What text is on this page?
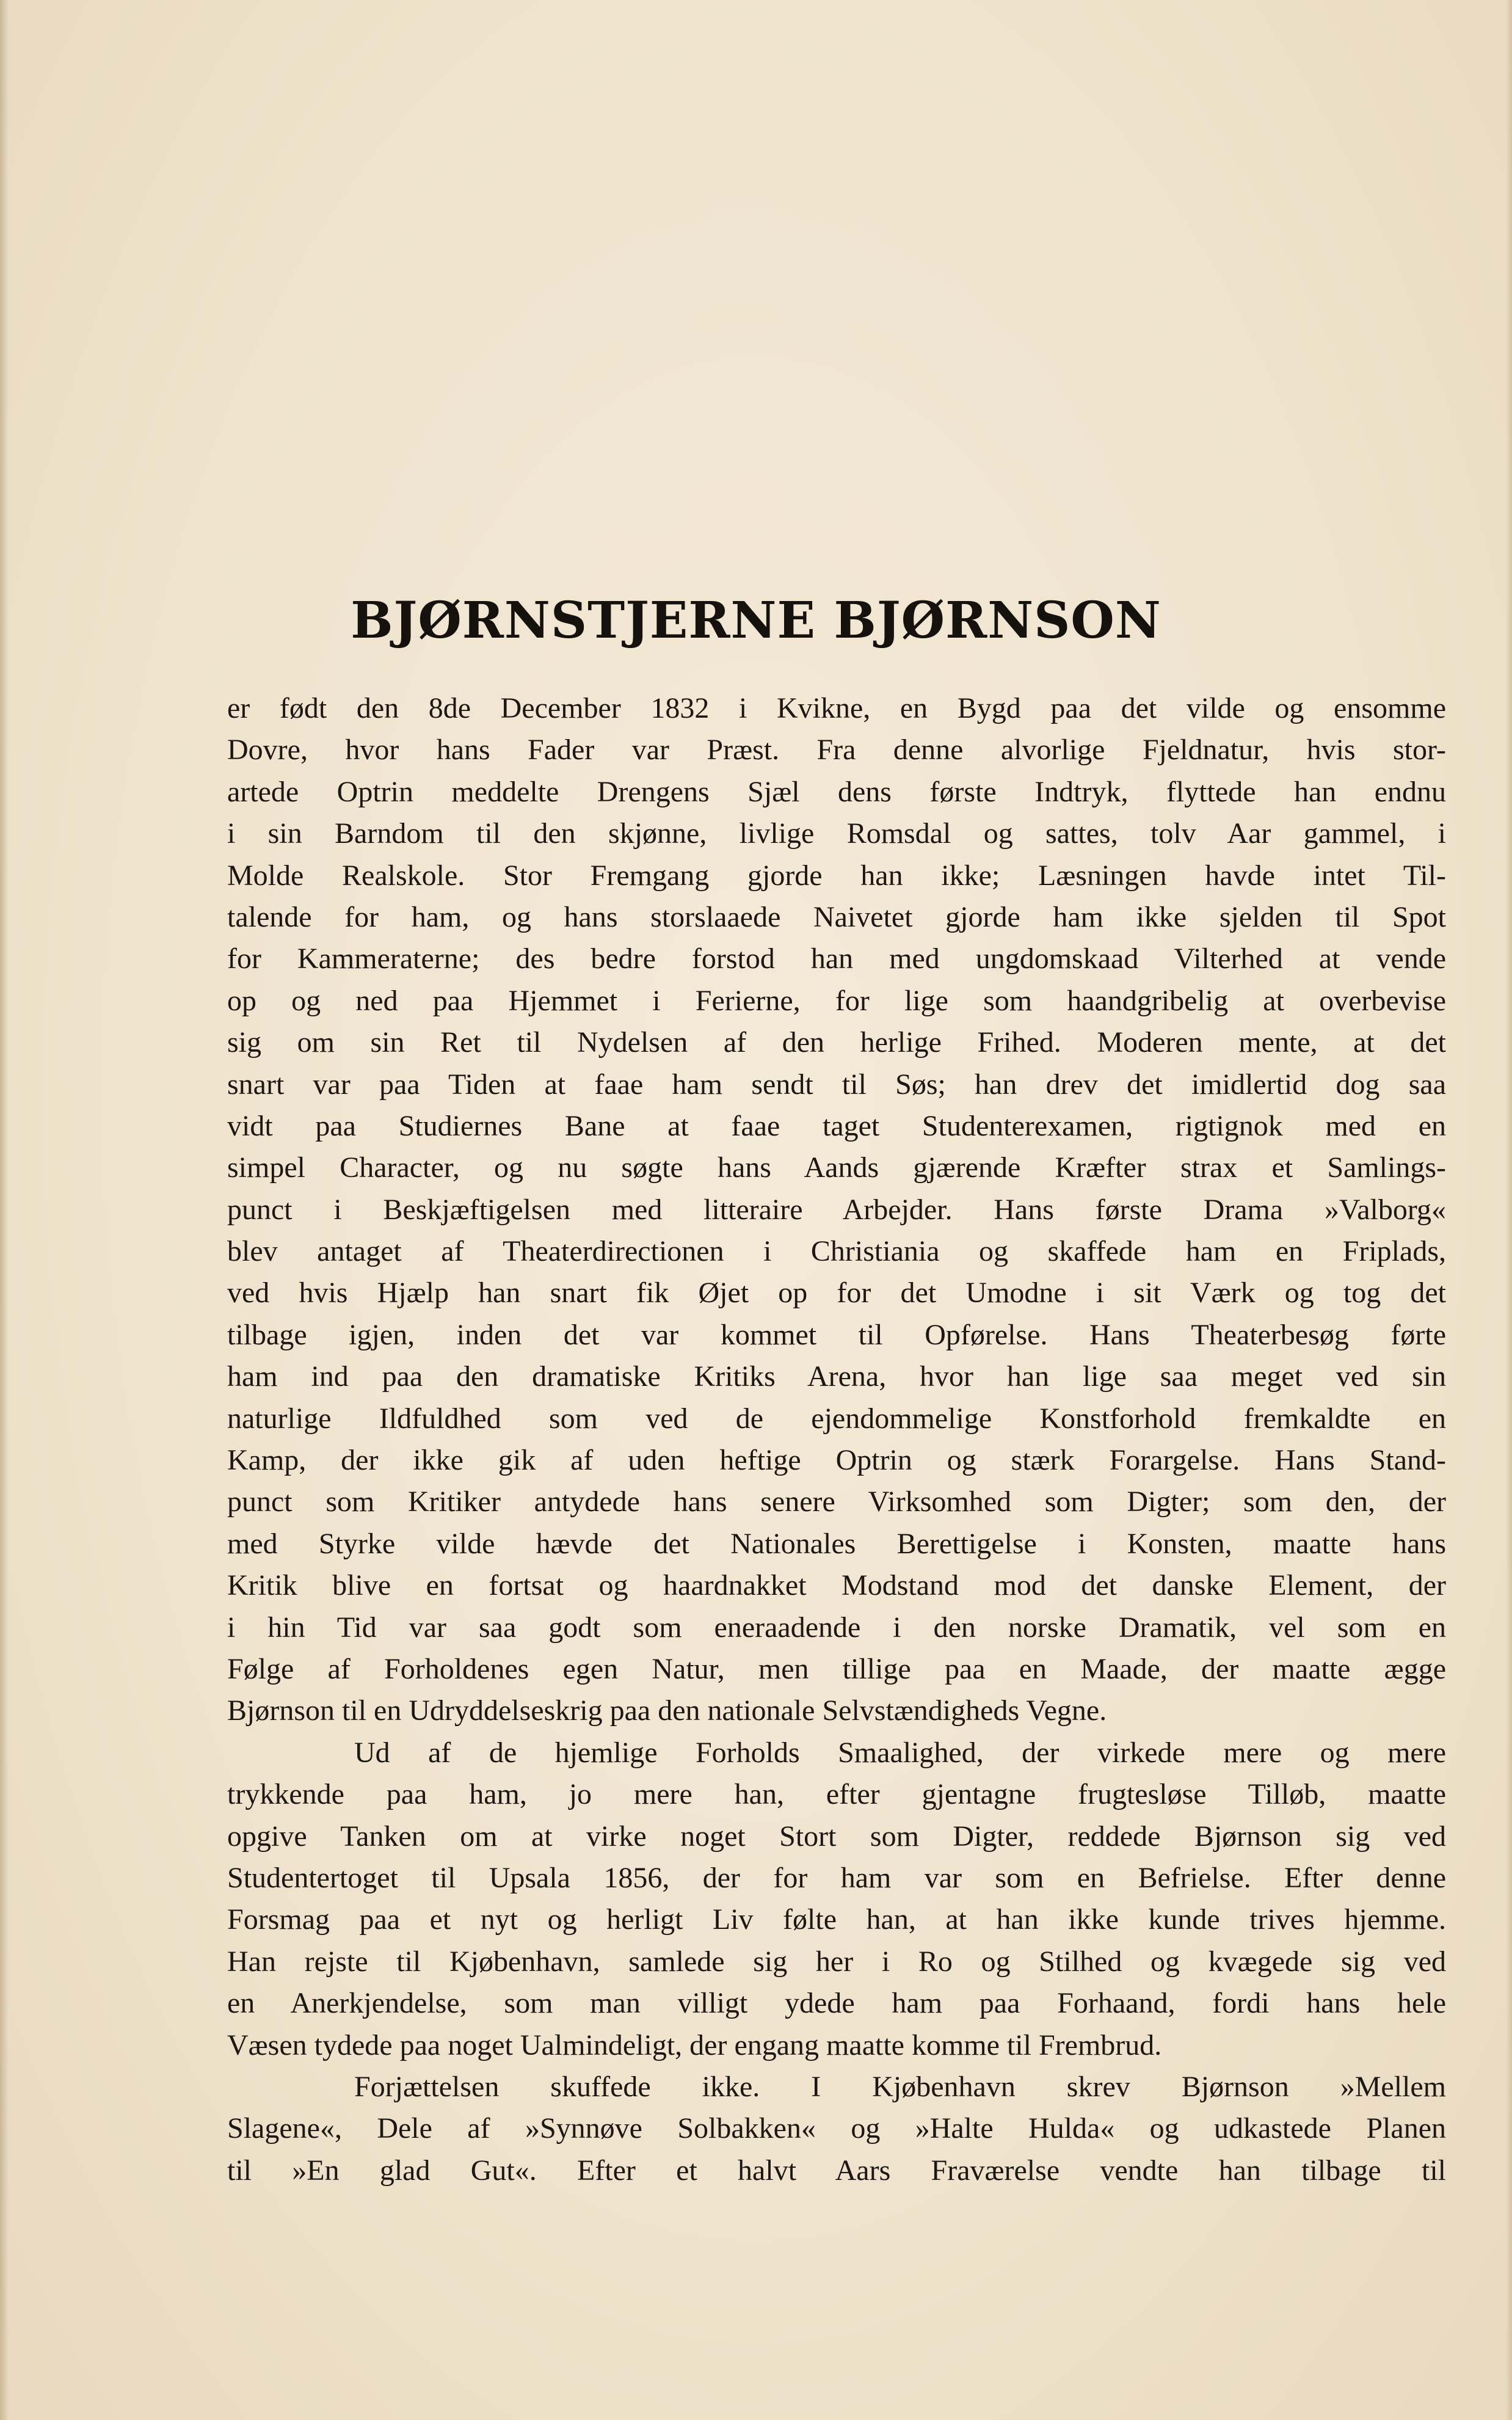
BJØRNSTJERNE BJØRNSON
er født den 8de December 1832 i Kvikne, en Bygd paa det vilde og ensomme
Dovre, hvor hans Fader var Præst. Fra denne alvorlige Fjeldnatur, hvis stor-
artede Optrin meddelte Drengens Sjæl dens første Indtryk, flyttede han endnu
i sin Barndom til den skjønne, livlige Romsdal og sattes, tolv Aar gammel, i
Molde Realskole. Stor Fremgang gjorde han ikke; Læsningen havde intet Til-
talende for ham, og hans storslaaede Naivetet gjorde ham ikke sjelden til Spot
for Kammeraterne; des bedre forstod han med ungdomskaad Vilterhed at vende
op og ned paa Hjemmet i Ferierne, for lige som haandgribelig at overbevise
sig om sin Ret til Nydelsen af den herlige Frihed. Moderen mente, at det
snart var paa Tiden at faae ham sendt til Søs; han drev det imidlertid dog saa
vidt paa Studiernes Bane at faae taget Studenterexamen, rigtignok med en
simpel Character, og nu søgte hans Aands gjærende Kræfter strax et Samlings-
punct i Beskjæftigelsen med litteraire Arbejder. Hans første Drama »Valborg«
blev antaget af Theaterdirectionen i Christiania og skaffede ham en Friplads,
ved hvis Hjælp han snart fik Øjet op for det Umodne i sit Værk og tog det
tilbage igjen, inden det var kommet til Opførelse. Hans Theaterbesøg førte
ham ind paa den dramatiske Kritiks Arena, hvor han lige saa meget ved sin
naturlige Ildfuldhed som ved de ejendommelige Konstforhold fremkaldte en
Kamp, der ikke gik af uden heftige Optrin og stærk Forargelse. Hans Stand-
punct som Kritiker antydede hans senere Virksomhed som Digter; som den, der
med Styrke vilde hævde det Nationales Berettigelse i Konsten, maatte hans
Kritik blive en fortsat og haardnakket Modstand mod det danske Element, der
i hin Tid var saa godt som eneraadende i den norske Dramatik, vel som en
Følge af Forholdenes egen Natur, men tillige paa en Maade, der maatte ægge
Bjørnson til en Udryddelseskrig paa den nationale Selvstændigheds Vegne.
Ud af de hjemlige Forholds Smaalighed, der virkede mere og mere
trykkende paa ham, jo mere han, efter gjentagne frugtesløse Tilløb, maatte
opgive Tanken om at virke noget Stort som Digter, reddede Bjørnson sig ved
Studentertoget til Upsala 1856, der for ham var som en Befrielse. Efter denne
Forsmag paa et nyt og herligt Liv følte han, at han ikke kunde trives hjemme.
Han rejste til Kjøbenhavn, samlede sig her i Ro og Stilhed og kvægede sig ved
en Anerkjendelse, som man villigt ydede ham paa Forhaand, fordi hans hele
Væsen tydede paa noget Ualmindeligt, der engang maatte komme til Frembrud.
Forjættelsen skuffede ikke. I Kjøbenhavn skrev Bjørnson »Mellem
Slagene«, Dele af »Synnøve Solbakken« og »Halte Hulda« og udkastede Planen
til »En glad Gut«. Efter et halvt Aars Fraværelse vendte han tilbage til
